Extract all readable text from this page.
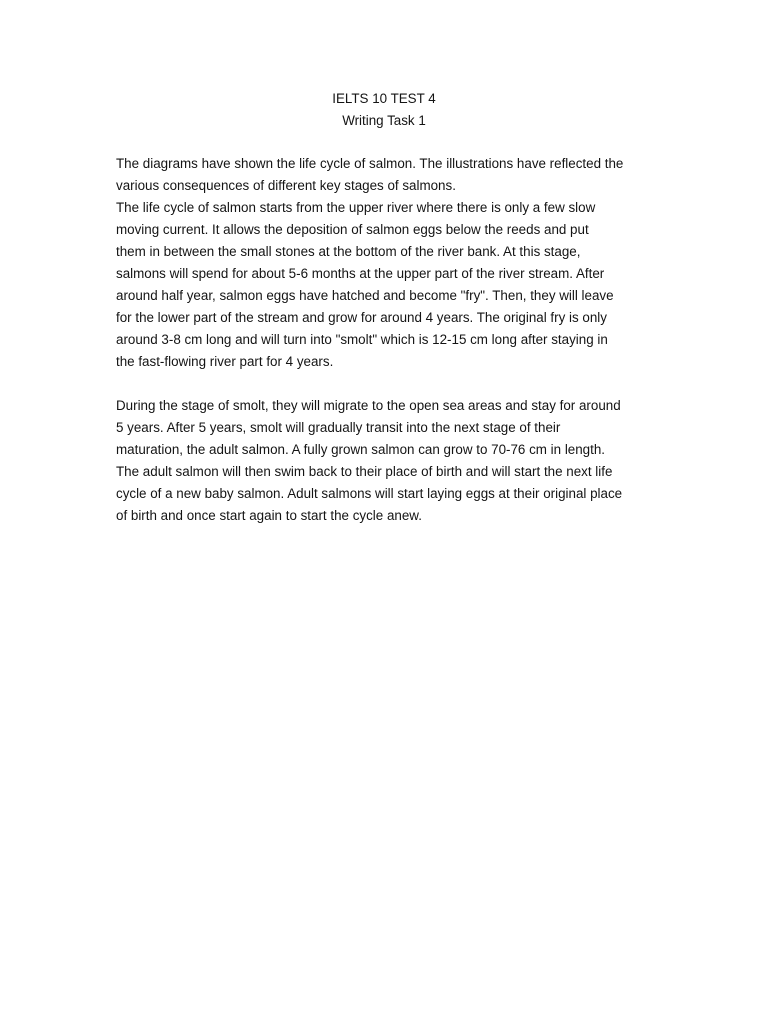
IELTS 10 TEST 4
Writing Task 1

The diagrams have shown the life cycle of salmon. The illustrations have reflected the
various consequences of different key stages of salmons.

The life cycle of salmon starts from the upper river where there is only a few slow
moving current. It allows the deposition of salmon eggs below the reeds and put
them in between the small stones at the bottom of the river bank. At this stage,
salmons will spend for about 5-6 months at the upper part of the river stream. After
around half year, salmon eggs have hatched and become "fry". Then, they will leave
for the lower part of the stream and grow for around 4 years. The original fry is only
around 3-8 cm long and will turn into "smolt" which is 12-15 cm long after staying in
the fast-flowing river part for 4 years.

During the stage of smolt, they will migrate to the open sea areas and stay for around
5 years. After 5 years, smolt will gradually transit into the next stage of their
maturation, the adult salmon. A fully grown salmon can grow to 70-76 cm in length.
The adult salmon will then swim back to their place of birth and will start the next life
cycle of a new baby salmon. Adult salmons will start laying eggs at their original place
of birth and once start again to start the cycle anew.
